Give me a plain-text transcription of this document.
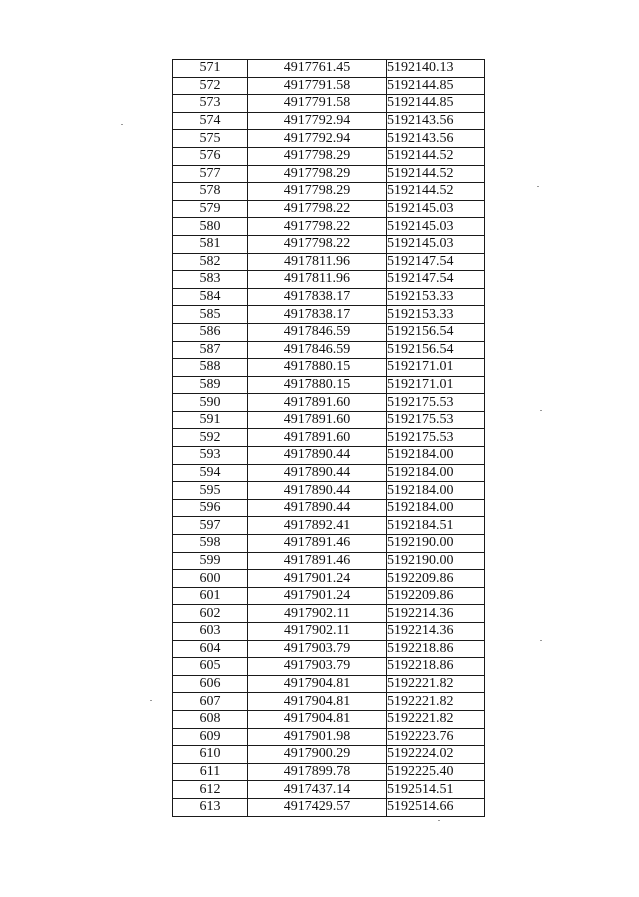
571	4917761.45	5192140.13
572	4917791.58	5192144.85
573	4917791.58	5192144.85
574	4917792.94	5192143.56
575	4917792.94	5192143.56
576	4917798.29	5192144.52
577	4917798.29	5192144.52
578	4917798.29	5192144.52
579	4917798.22	5192145.03
580	4917798.22	5192145.03
581	4917798.22	5192145.03
582	4917811.96	5192147.54
583	4917811.96	5192147.54
584	4917838.17	5192153.33
585	4917838.17	5192153.33
586	4917846.59	5192156.54
587	4917846.59	5192156.54
588	4917880.15	5192171.01
589	4917880.15	5192171.01
590	4917891.60	5192175.53
591	4917891.60	5192175.53
592	4917891.60	5192175.53
593	4917890.44	5192184.00
594	4917890.44	5192184.00
595	4917890.44	5192184.00
596	4917890.44	5192184.00
597	4917892.41	5192184.51
598	4917891.46	5192190.00
599	4917891.46	5192190.00
600	4917901.24	5192209.86
601	4917901.24	5192209.86
602	4917902.11	5192214.36
603	4917902.11	5192214.36
604	4917903.79	5192218.86
605	4917903.79	5192218.86
606	4917904.81	5192221.82
607	4917904.81	5192221.82
608	4917904.81	5192221.82
609	4917901.98	5192223.76
610	4917900.29	5192224.02
611	4917899.78	5192225.40
612	4917437.14	5192514.51
613	4917429.57	5192514.66
